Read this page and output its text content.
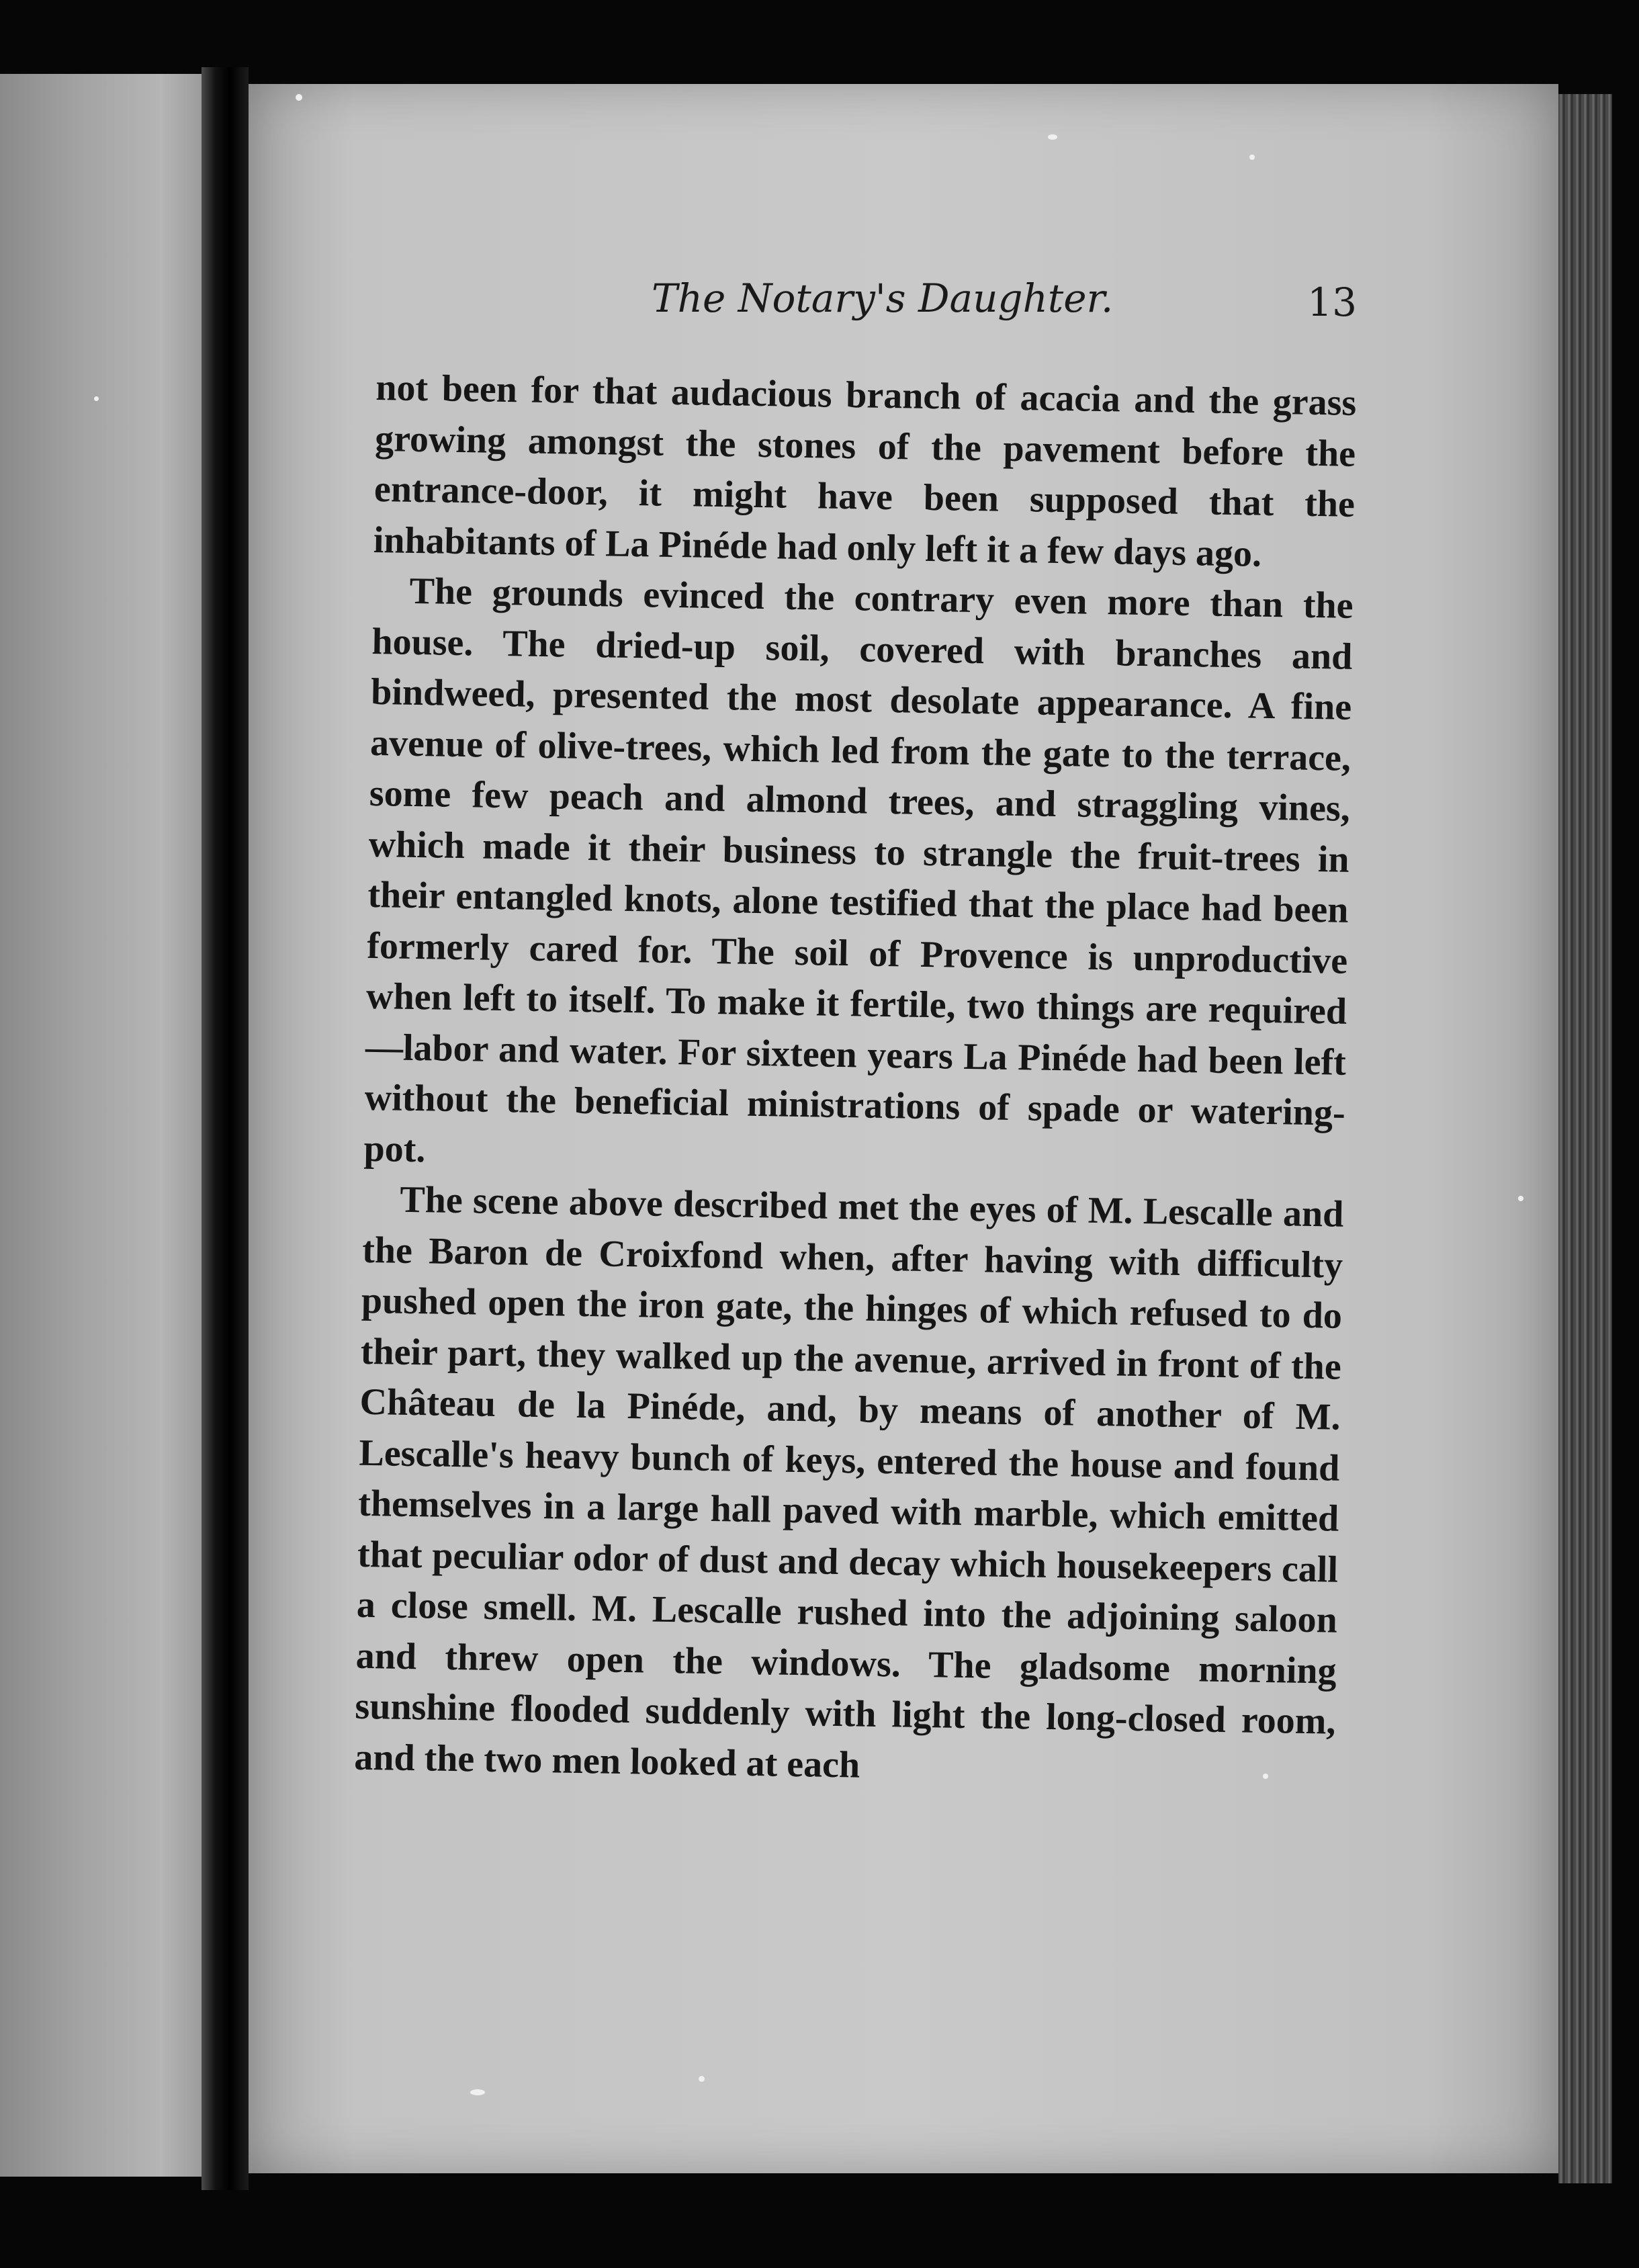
The Notary's Daughter.	13

not been for that audacious branch of acacia and the grass growing amongst the stones of the pavement before the entrance-door, it might have been supposed that the inhabitants of La Pinéde had only left it a few days ago.

The grounds evinced the contrary even more than the house. The dried-up soil, covered with branches and bindweed, presented the most desolate appearance. A fine avenue of olive-trees, which led from the gate to the terrace, some few peach and almond trees, and straggling vines, which made it their business to strangle the fruit-trees in their entangled knots, alone testified that the place had been formerly cared for. The soil of Provence is unproductive when left to itself. To make it fertile, two things are required—labor and water. For sixteen years La Pinéde had been left without the beneficial ministrations of spade or watering-pot.

The scene above described met the eyes of M. Lescalle and the Baron de Croixfond when, after having with difficulty pushed open the iron gate, the hinges of which refused to do their part, they walked up the avenue, arrived in front of the Château de la Pinéde, and, by means of another of M. Lescalle's heavy bunch of keys, entered the house and found themselves in a large hall paved with marble, which emitted that peculiar odor of dust and decay which housekeepers call a close smell. M. Lescalle rushed into the adjoining saloon and threw open the windows. The gladsome morning sunshine flooded suddenly with light the long-closed room, and the two men looked at each
